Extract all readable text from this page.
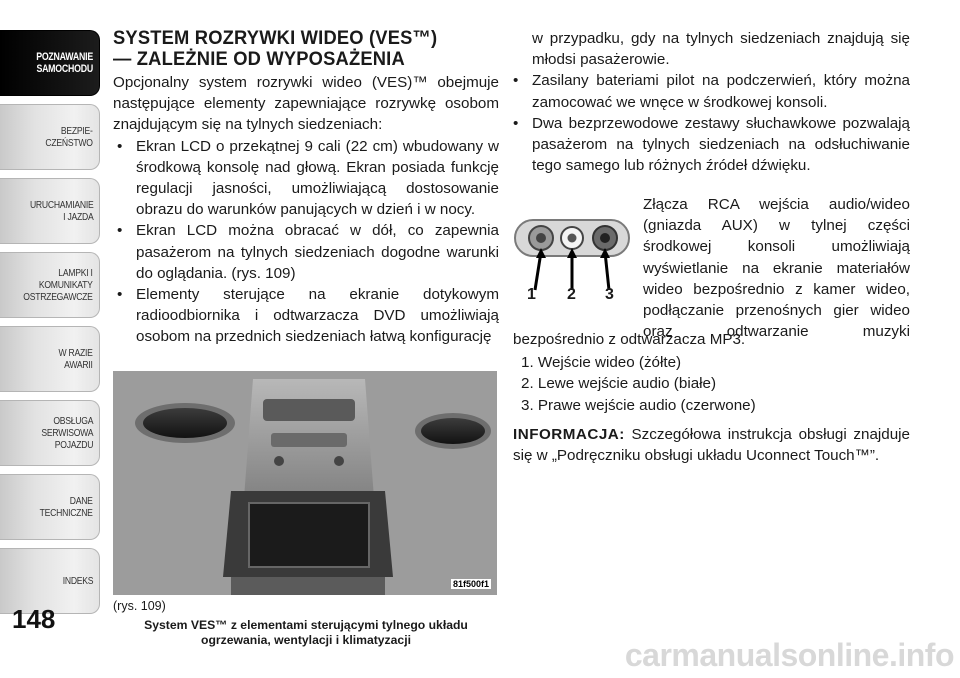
POZNAWANIE
SAMOCHODU
BEZPIE-
CZEŃSTWO
URUCHAMIANIE
I JAZDA
LAMPKI I
KOMUNIKATY
OSTRZEGAWCZE
W RAZIE
AWARII
OBSŁUGA
SERWISOWA
POJAZDU
DANE
TECHNICZNE
INDEKS
148
SYSTEM ROZRYWKI WIDEO (VES™)
— ZALEŻNIE OD WYPOSAŻENIA

Opcjonalny system rozrywki wideo (VES)™ obejmuje następujące elementy zapewniające rozrywkę osobom znajdującym się na tylnych siedzeniach:

• Ekran LCD o przekątnej 9 cali (22 cm) wbudowany w środkową konsolę nad głową. Ekran posiada funkcję regulacji jasności, umożliwiającą dostosowanie obrazu do warunków panujących w dzień i w nocy.
• Ekran LCD można obracać w dół, co zapewnia pasażerom na tylnych siedzeniach dogodne warunki do oglądania. (rys. 109)
• Elementy sterujące na ekranie dotykowym radioodbiornika i odtwarzacza DVD umożliwiają osobom na przednich siedzeniach łatwą konfigurację
81f500f1
(rys. 109)
System VES™ z elementami sterującymi tylnego układu ogrzewania, wentylacji i klimatyzacji

w przypadku, gdy na tylnych siedzeniach znajdują się młodsi pasażerowie.

• Zasilany bateriami pilot na podczerwień, który można zamocować we wnęce w środkowej konsoli.
• Dwa bezprzewodowe zestawy słuchawkowe pozwalają pasażerom na tylnych siedzeniach na odsłuchiwanie tego samego lub różnych źródeł dźwięku.
1 2 3

Złącza RCA wejścia audio/wideo (gniazda AUX) w tylnej części środkowej konsoli umożliwiają wyświetlanie na ekranie materiałów wideo bezpośrednio z kamer wideo, podłączanie przenośnych gier wideo oraz odtwarzanie muzyki

bezpośrednio z odtwarzacza MP3.

1. Wejście wideo (żółte)
2. Lewe wejście audio (białe)
3. Prawe wejście audio (czerwone)

INFORMACJA: Szczegółowa instrukcja obsługi znajduje się w „Podręczniku obsługi układu Uconnect Touch™”.

carmanualsonline.info
